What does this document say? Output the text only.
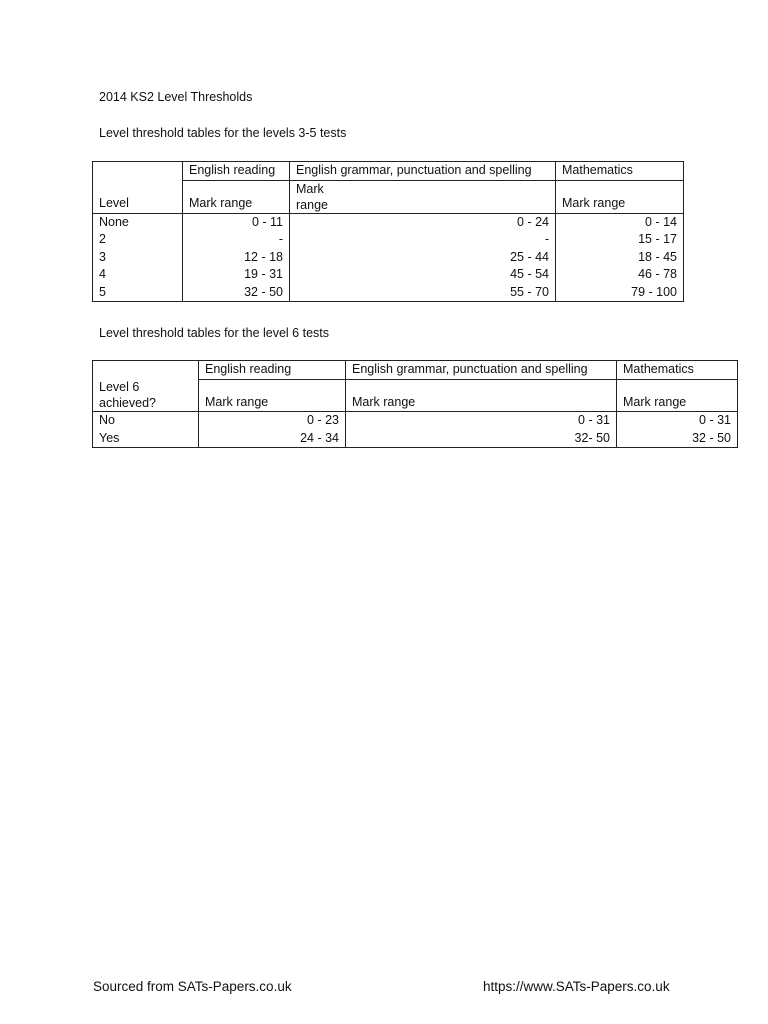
2014 KS2 Level Thresholds
Level threshold tables for the levels 3-5 tests
	English reading	English grammar, punctuation and spelling	Mathematics
Level	Mark range	Mark range	Mark range
None	0 - 11	0 - 24	0 - 14
2	-	-	15 - 17
3	12 - 18	25 - 44	18 - 45
4	19 - 31	45 - 54	46 - 78
5	32 - 50	55 - 70	79 - 100
Level threshold tables for the level 6 tests
	English reading	English grammar, punctuation and spelling	Mathematics

Level 6 achieved?	Mark range	Mark range	Mark range
No	0 - 23	0 - 31	0 - 31
Yes	24 - 34	32- 50	32 - 50
Sourced from SATs-Papers.co.uk	https://www.SATs-Papers.co.uk
